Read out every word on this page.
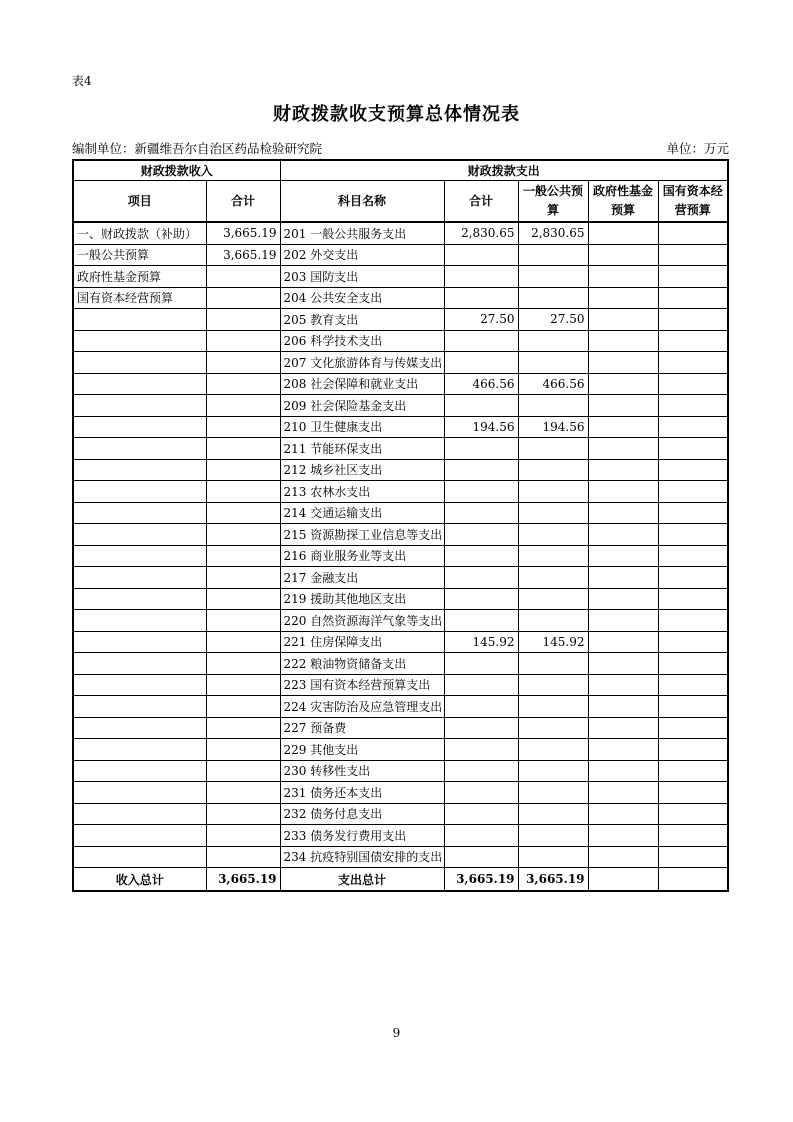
表4
财政拨款收支预算总体情况表
编制单位：新疆维吾尔自治区药品检验研究院	单位：万元
财政拨款收入		财政拨款支出				
项目	合计	科目名称	合计	一般公共预算	政府性基金预算	国有资本经营预算
一、财政拨款（补助）	3,665.19	201 一般公共服务支出	2,830.65	2,830.65		
一般公共预算	3,665.19	202 外交支出				
政府性基金预算		203 国防支出				
国有资本经营预算		204 公共安全支出				
		205 教育支出	27.50	27.50		
		206 科学技术支出				
		207 文化旅游体育与传媒支出				
		208 社会保障和就业支出	466.56	466.56		
		209 社会保险基金支出				
		210 卫生健康支出	194.56	194.56		
		211 节能环保支出				
		212 城乡社区支出				
		213 农林水支出				
		214 交通运输支出				
		215 资源勘探工业信息等支出				
		216 商业服务业等支出				
		217 金融支出				
		219 援助其他地区支出				
		220 自然资源海洋气象等支出				
		221 住房保障支出	145.92	145.92		
		222 粮油物资储备支出				
		223 国有资本经营预算支出				
		224 灾害防治及应急管理支出				
		227 预备费				
		229 其他支出				
		230 转移性支出				
		231 债务还本支出				
		232 债务付息支出				
		233 债务发行费用支出				
		234 抗疫特别国债安排的支出				
收入总计	3,665.19	支出总计	3,665.19	3,665.19		
9
